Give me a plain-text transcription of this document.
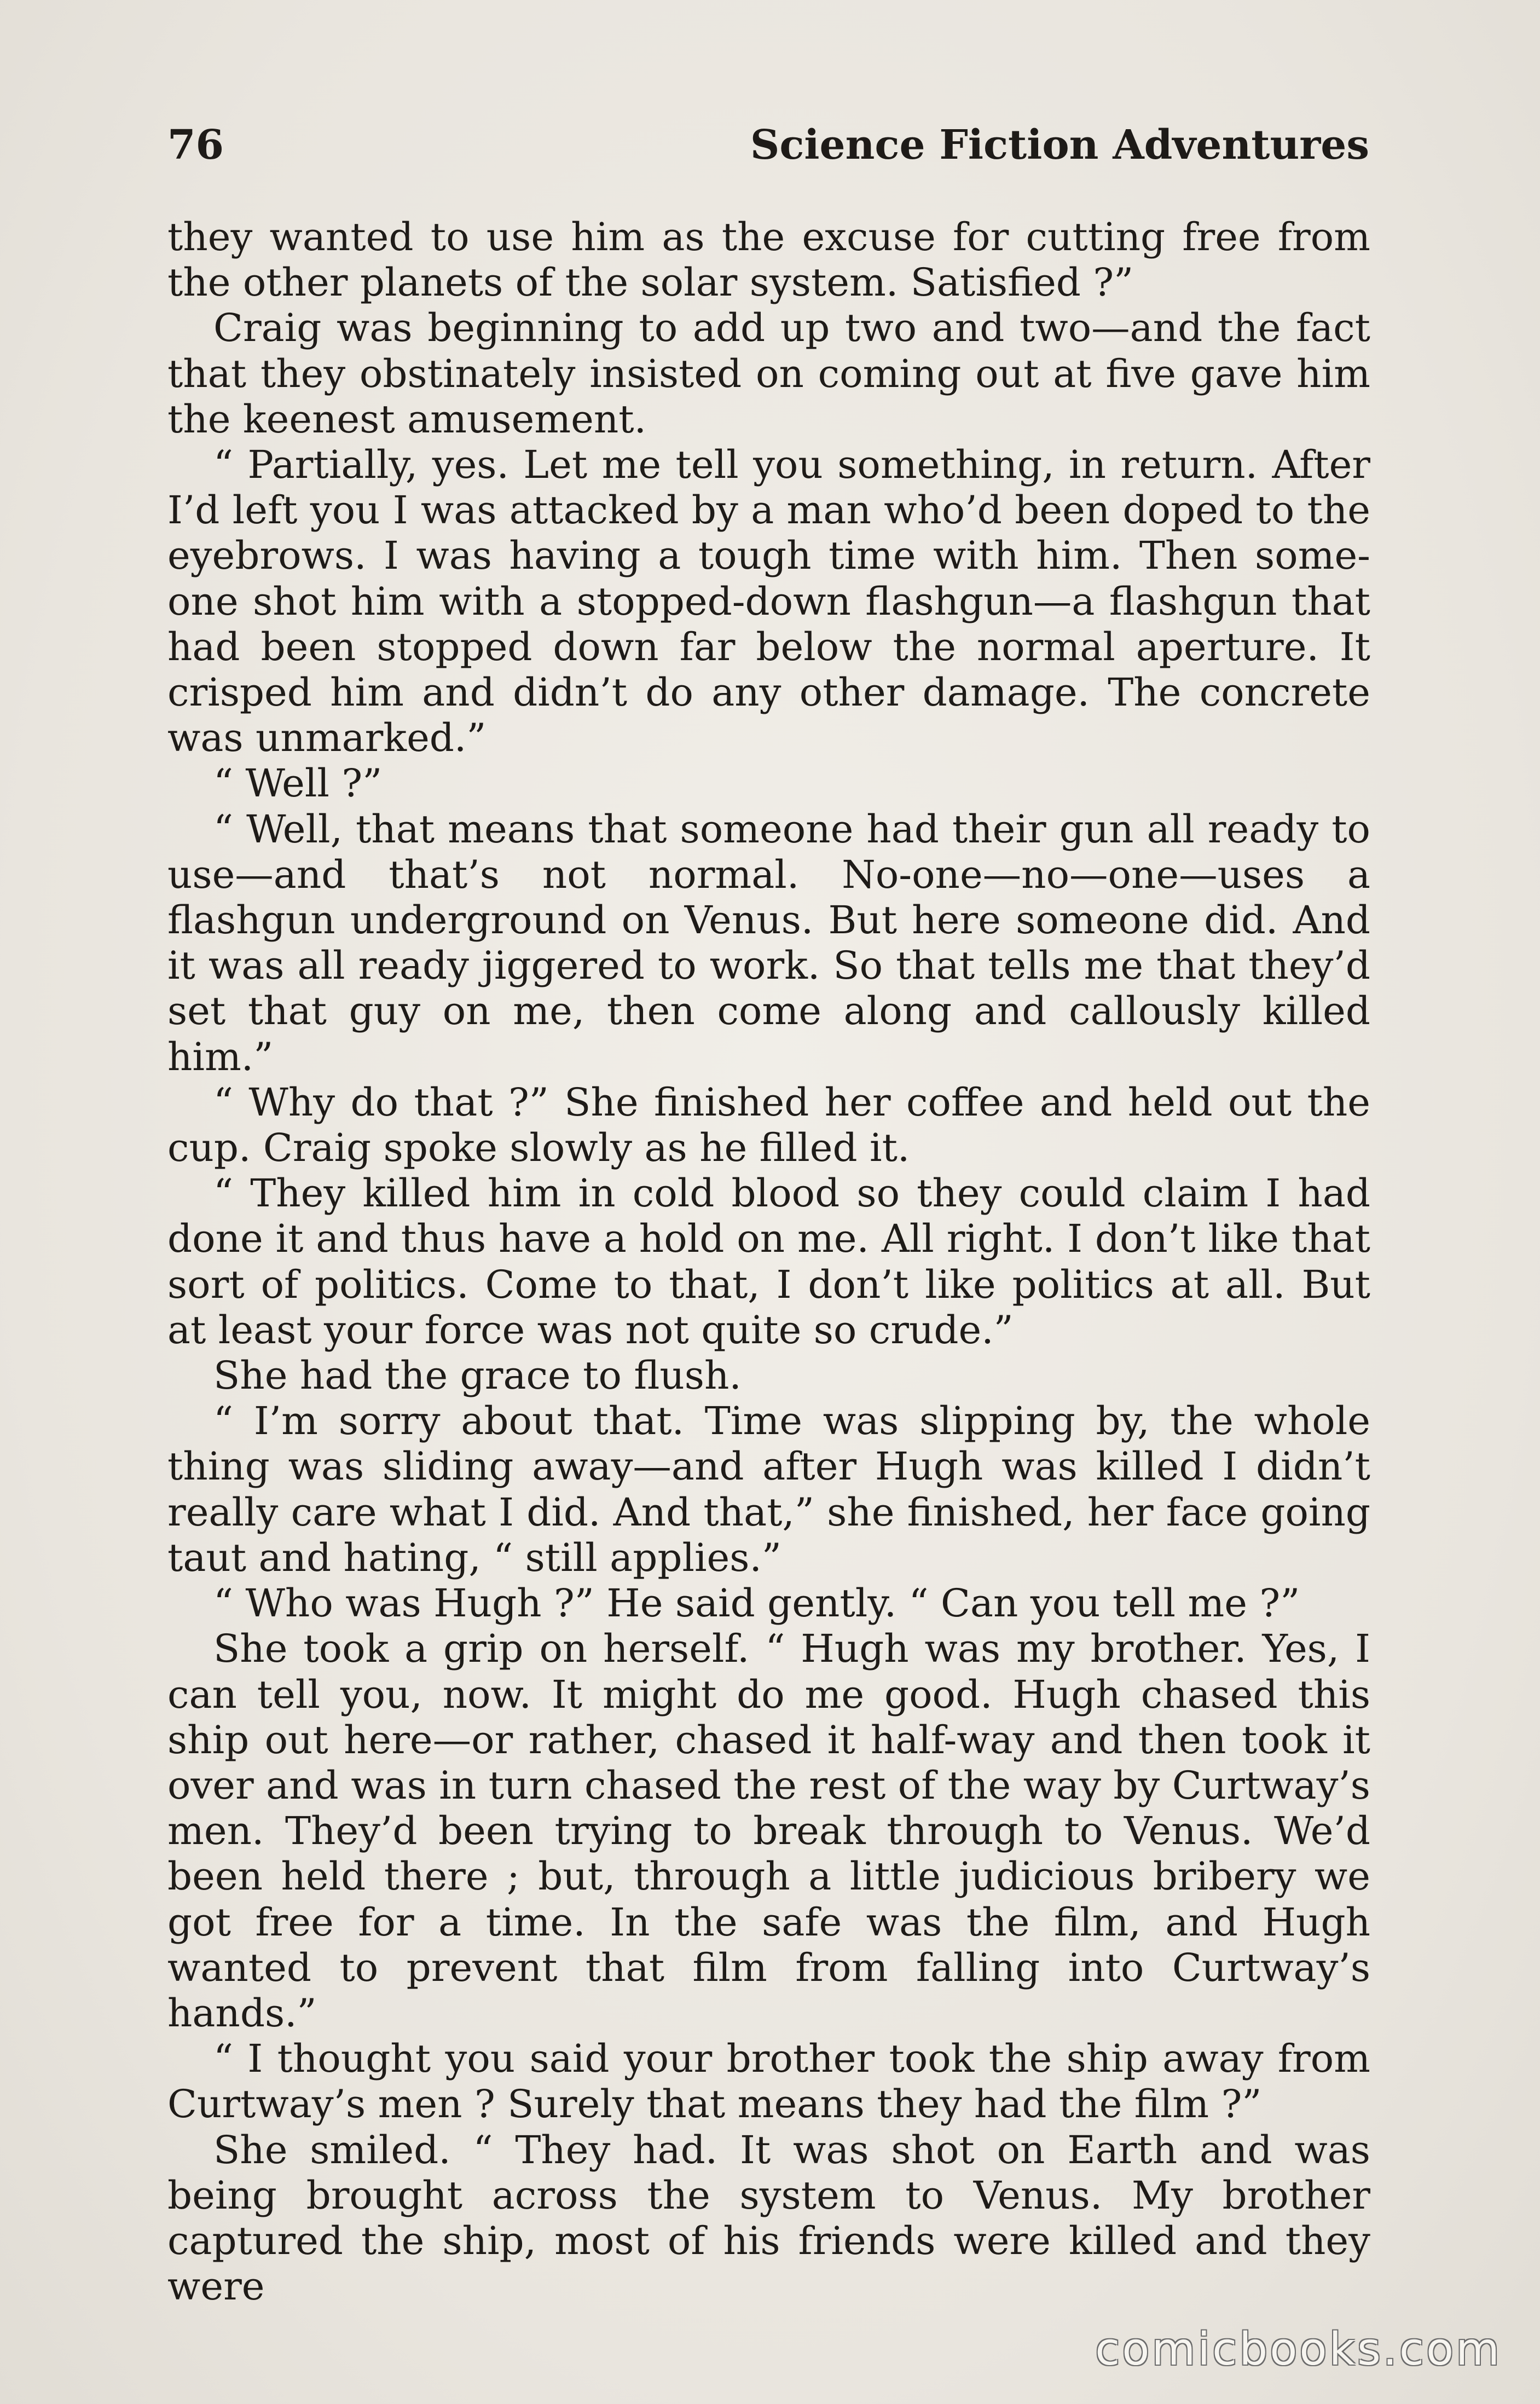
76	Science Fiction Adventures

they wanted to use him as the excuse for cutting free from the other planets of the solar system. Satisfied ?”

Craig was beginning to add up two and two—and the fact that they obstinately insisted on coming out at five gave him the keenest amusement.

“ Partially, yes. Let me tell you something, in return. After I’d left you I was attacked by a man who’d been doped to the eyebrows. I was having a tough time with him. Then some-one shot him with a stopped-down flashgun—a flashgun that had been stopped down far below the normal aperture. It crisped him and didn’t do any other damage. The concrete was unmarked.”

“ Well ?”

“ Well, that means that someone had their gun all ready to use—and that’s not normal. No-one—no—one—uses a flashgun underground on Venus. But here someone did. And it was all ready jiggered to work. So that tells me that they’d set that guy on me, then come along and callously killed him.”

“ Why do that ?” She finished her coffee and held out the cup. Craig spoke slowly as he filled it.

“ They killed him in cold blood so they could claim I had done it and thus have a hold on me. All right. I don’t like that sort of politics. Come to that, I don’t like politics at all. But at least your force was not quite so crude.”

She had the grace to flush.

“ I’m sorry about that. Time was slipping by, the whole thing was sliding away—and after Hugh was killed I didn’t really care what I did. And that,” she finished, her face going taut and hating, “ still applies.”

“ Who was Hugh ?” He said gently. “ Can you tell me ?”

She took a grip on herself. “ Hugh was my brother. Yes, I can tell you, now. It might do me good. Hugh chased this ship out here—or rather, chased it half-way and then took it over and was in turn chased the rest of the way by Curtway’s men. They’d been trying to break through to Venus. We’d been held there ; but, through a little judicious bribery we got free for a time. In the safe was the film, and Hugh wanted to prevent that film from falling into Curtway’s hands.”

“ I thought you said your brother took the ship away from Curtway’s men ? Surely that means they had the film ?”

She smiled. “ They had. It was shot on Earth and was being brought across the system to Venus. My brother captured the ship, most of his friends were killed and they were

comicbooks.com
